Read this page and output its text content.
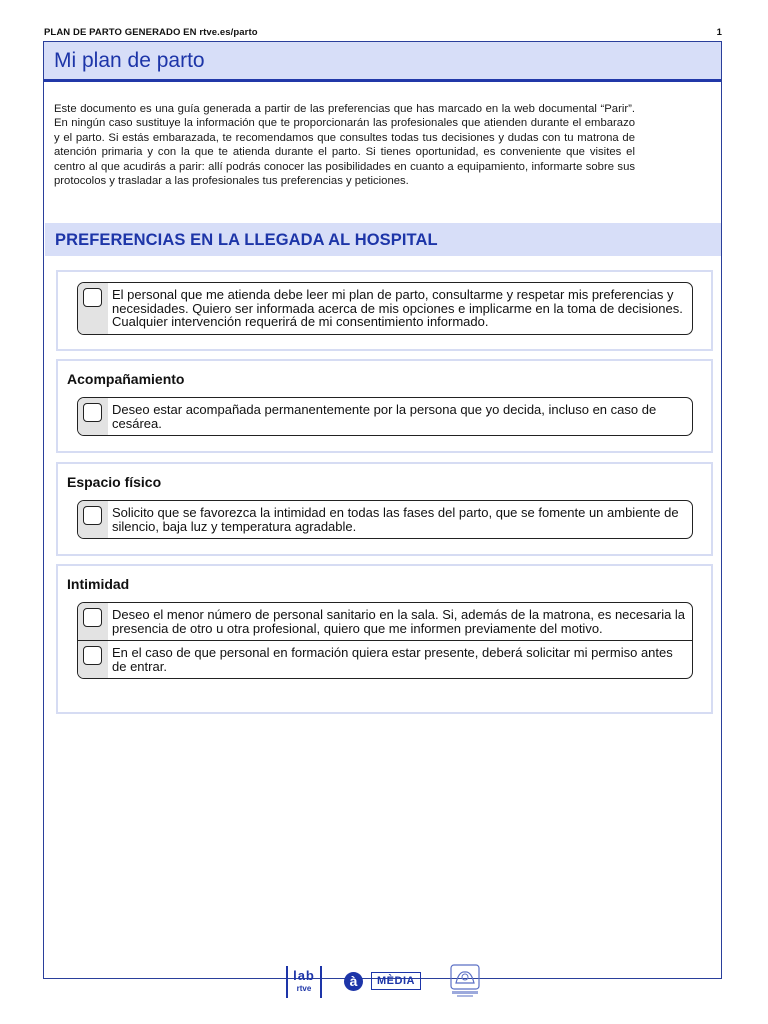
PLAN DE PARTO GENERADO EN rtve.es/parto	1
Mi plan de parto
Este documento es una guía generada a partir de las preferencias que has marcado en la web documental “Parir”. En ningún caso sustituye la información que te proporcionarán las profesionales que atienden durante el embarazo y el parto. Si estás embarazada, te recomendamos que consultes todas tus decisiones y dudas con tu matrona de atención primaria y con la que te atienda durante el parto. Si tienes oportunidad, es conveniente que visites el centro al que acudirás a parir: allí podrás conocer las posibilidades en cuanto a equipamiento, informarte sobre sus protocolos y trasladar a las profesionales tus preferencias y peticiones.
PREFERENCIAS EN LA LLEGADA AL HOSPITAL
El personal que me atienda debe leer mi plan de parto, consultarme y respetar mis preferencias y necesidades. Quiero ser informada acerca de mis opciones e implicarme en la toma de decisiones. Cualquier intervención requerirá de mi consentimiento informado.
Acompañamiento
Deseo estar acompañada permanentemente por la persona que yo decida, incluso en caso de cesárea.
Espacio físico
Solicito que se favorezca la intimidad en todas las fases del parto, que se fomente un ambiente de silencio, baja luz y temperatura agradable.
Intimidad
Deseo el menor número de personal sanitario en la sala. Si, además de la matrona, es necesaria la presencia de otro u otra profesional, quiero que me informen previamente del motivo.
En el caso de que personal en formación quiera estar presente, deberá solicitar mi permiso antes de entrar.
lab
rtve	à	MÈDIA
